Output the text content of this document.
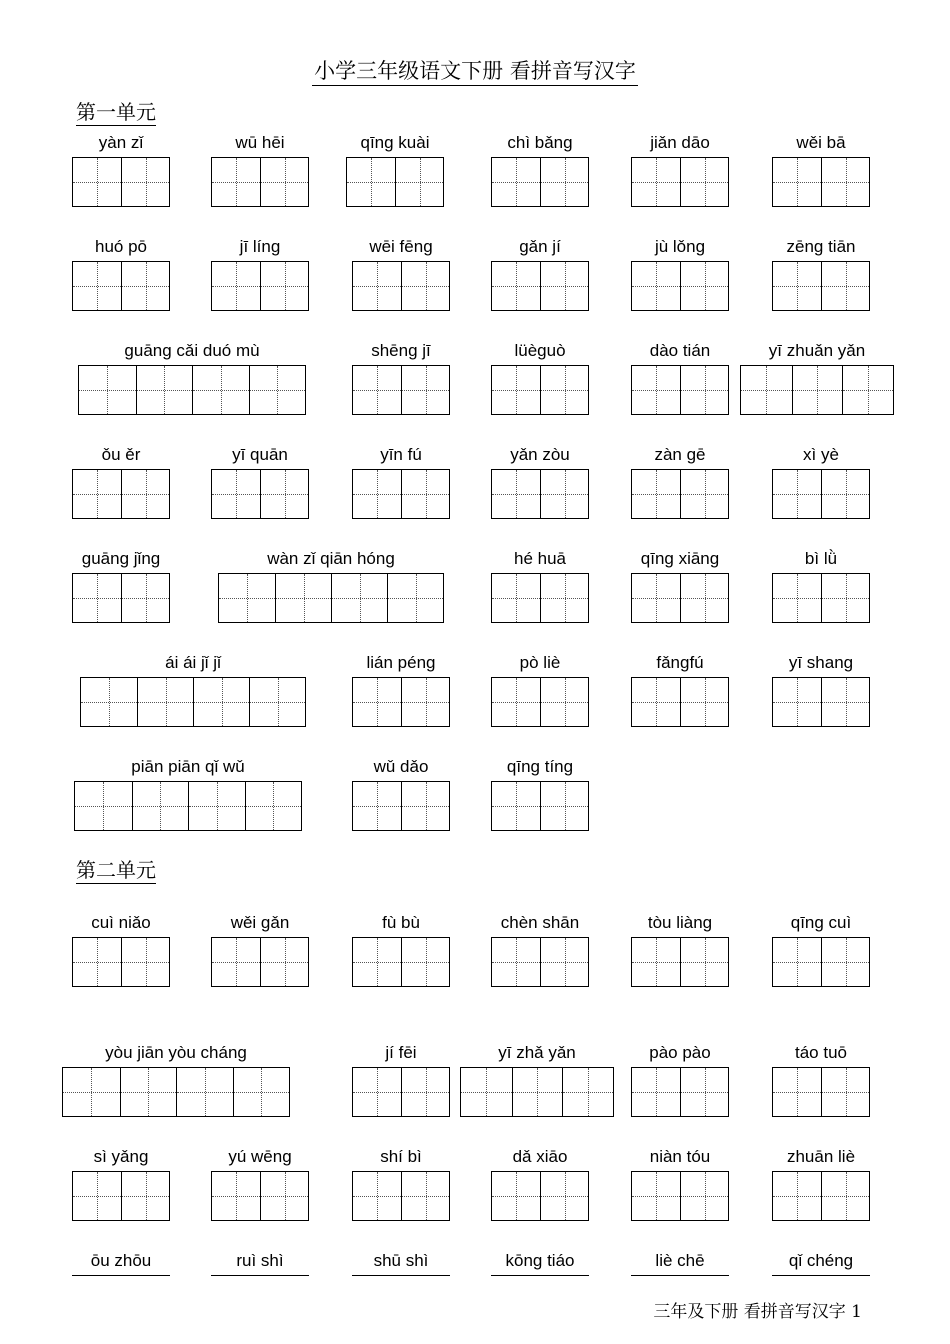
小学三年级语文下册 看拼音写汉字
第一单元
第二单元
yàn zǐ	wū hēi	qīng kuài	chì bǎng	jiǎn dāo	wěi bā
huó pō	jī líng	wēi fēng	gǎn jí	jù lǒng	zēng tiān
guāng cǎi duó mù	shēng jī	lüèguò	dào tián	yī zhuǎn yǎn
ǒu ěr	yī quān	yīn fú	yǎn zòu	zàn gē	xì yè
guāng jǐng	wàn zǐ qiān hóng	hé huā	qīng xiāng	bì lǜ
ái ái jǐ jǐ	lián péng	pò liè	fǎngfú	yī shang
piān piān qǐ wǔ	wǔ dǎo	qīng tíng
cuì niǎo	wěi gǎn	fù bù	chèn shān	tòu liàng	qīng cuì
yòu jiān yòu cháng	jí fēi	yī zhǎ yǎn	pào pào	táo tuō
sì yǎng	yú wēng	shí bì	dǎ xiāo	niàn tóu	zhuān liè
ōu zhōu	ruì shì	shū shì	kōng tiáo	liè chē	qǐ chéng
三年及下册 看拼音写汉字 1
